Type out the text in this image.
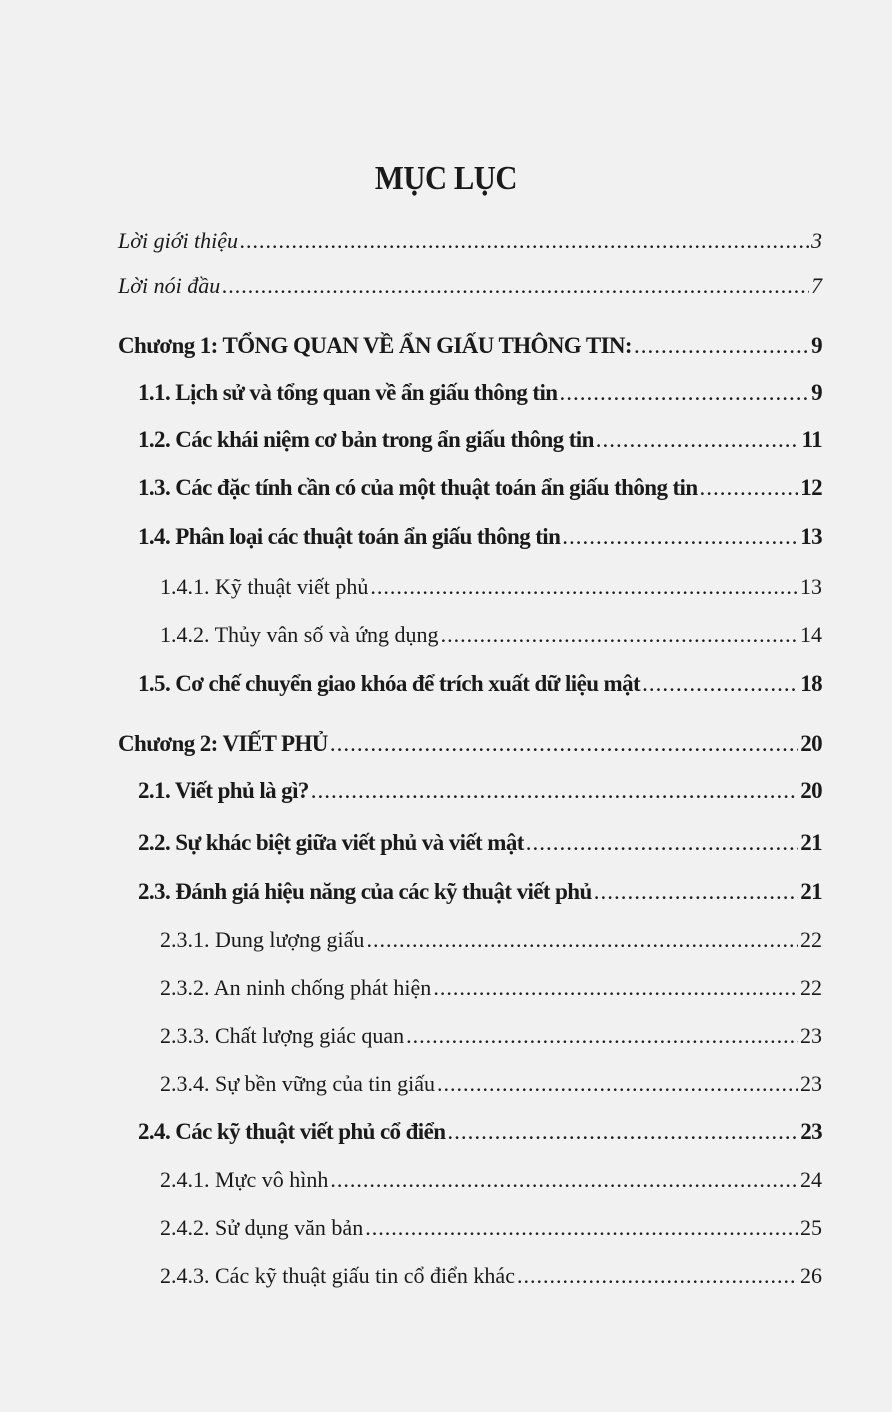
MỤC LỤC
Lời giới thiệu .....	3
Lời nói đầu .....	7
Chương 1: TỔNG QUAN VỀ ẨN GIẤU THÔNG TIN: .....	9
1.1. Lịch sử và tổng quan về ẩn giấu thông tin .....	9
1.2. Các khái niệm cơ bản trong ẩn giấu thông tin .....	11
1.3. Các đặc tính cần có của một thuật toán ẩn giấu thông tin .....	12
1.4. Phân loại các thuật toán ẩn giấu thông tin .....	13
1.4.1. Kỹ thuật viết phủ .....	13
1.4.2. Thủy vân số và ứng dụng .....	14
1.5. Cơ chế chuyển giao khóa để trích xuất dữ liệu mật .....	18
Chương 2: VIẾT PHỦ .....	20
2.1. Viết phủ là gì? .....	20
2.2. Sự khác biệt giữa viết phủ và viết mật .....	21
2.3. Đánh giá hiệu năng của các kỹ thuật viết phủ .....	21
2.3.1. Dung lượng giấu .....	22
2.3.2. An ninh chống phát hiện .....	22
2.3.3. Chất lượng giác quan .....	23
2.3.4. Sự bền vững của tin giấu .....	23
2.4. Các kỹ thuật viết phủ cổ điển .....	23
2.4.1. Mực vô hình .....	24
2.4.2. Sử dụng văn bản .....	25
2.4.3. Các kỹ thuật giấu tin cổ điển khác .....	26
